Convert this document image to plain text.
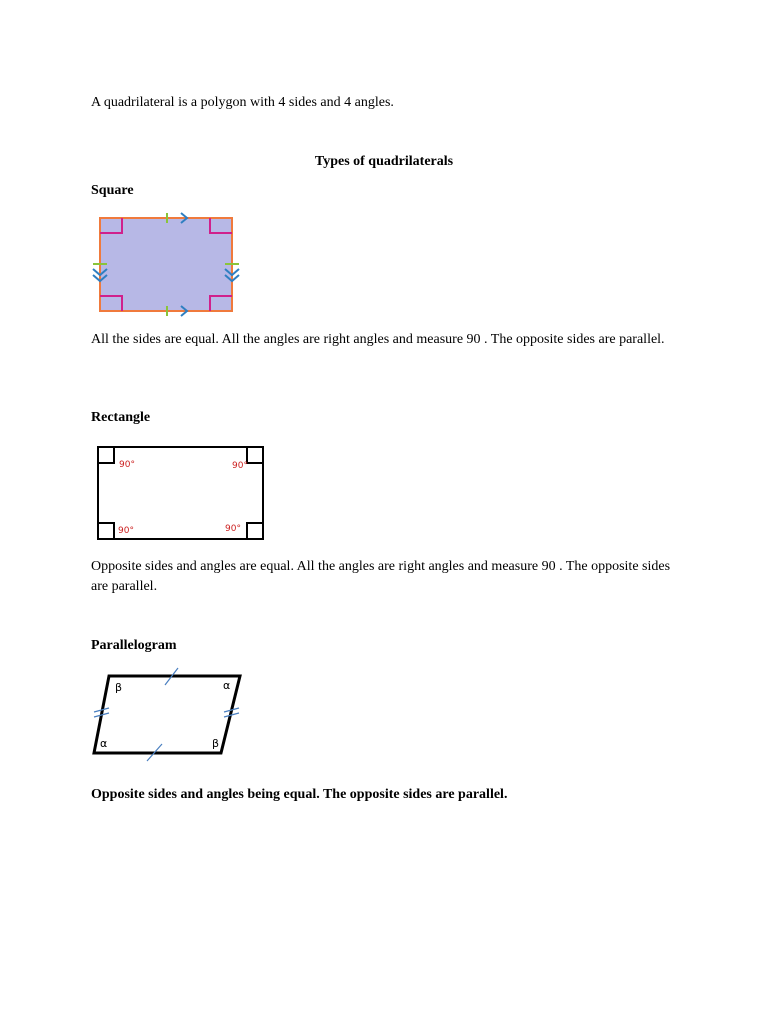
A quadrilateral is a polygon with 4 sides and 4 angles.

Types of quadrilaterals

Square

All the sides are equal. All the angles are right angles and measure 90 . The opposite sides are parallel.

Rectangle

90°	90°
90°	90°

Opposite sides and angles are equal. All the angles are right angles and measure 90 . The opposite sides are parallel.

Parallelogram

β	α
α	β

Opposite sides and angles being equal. The opposite sides are parallel.
